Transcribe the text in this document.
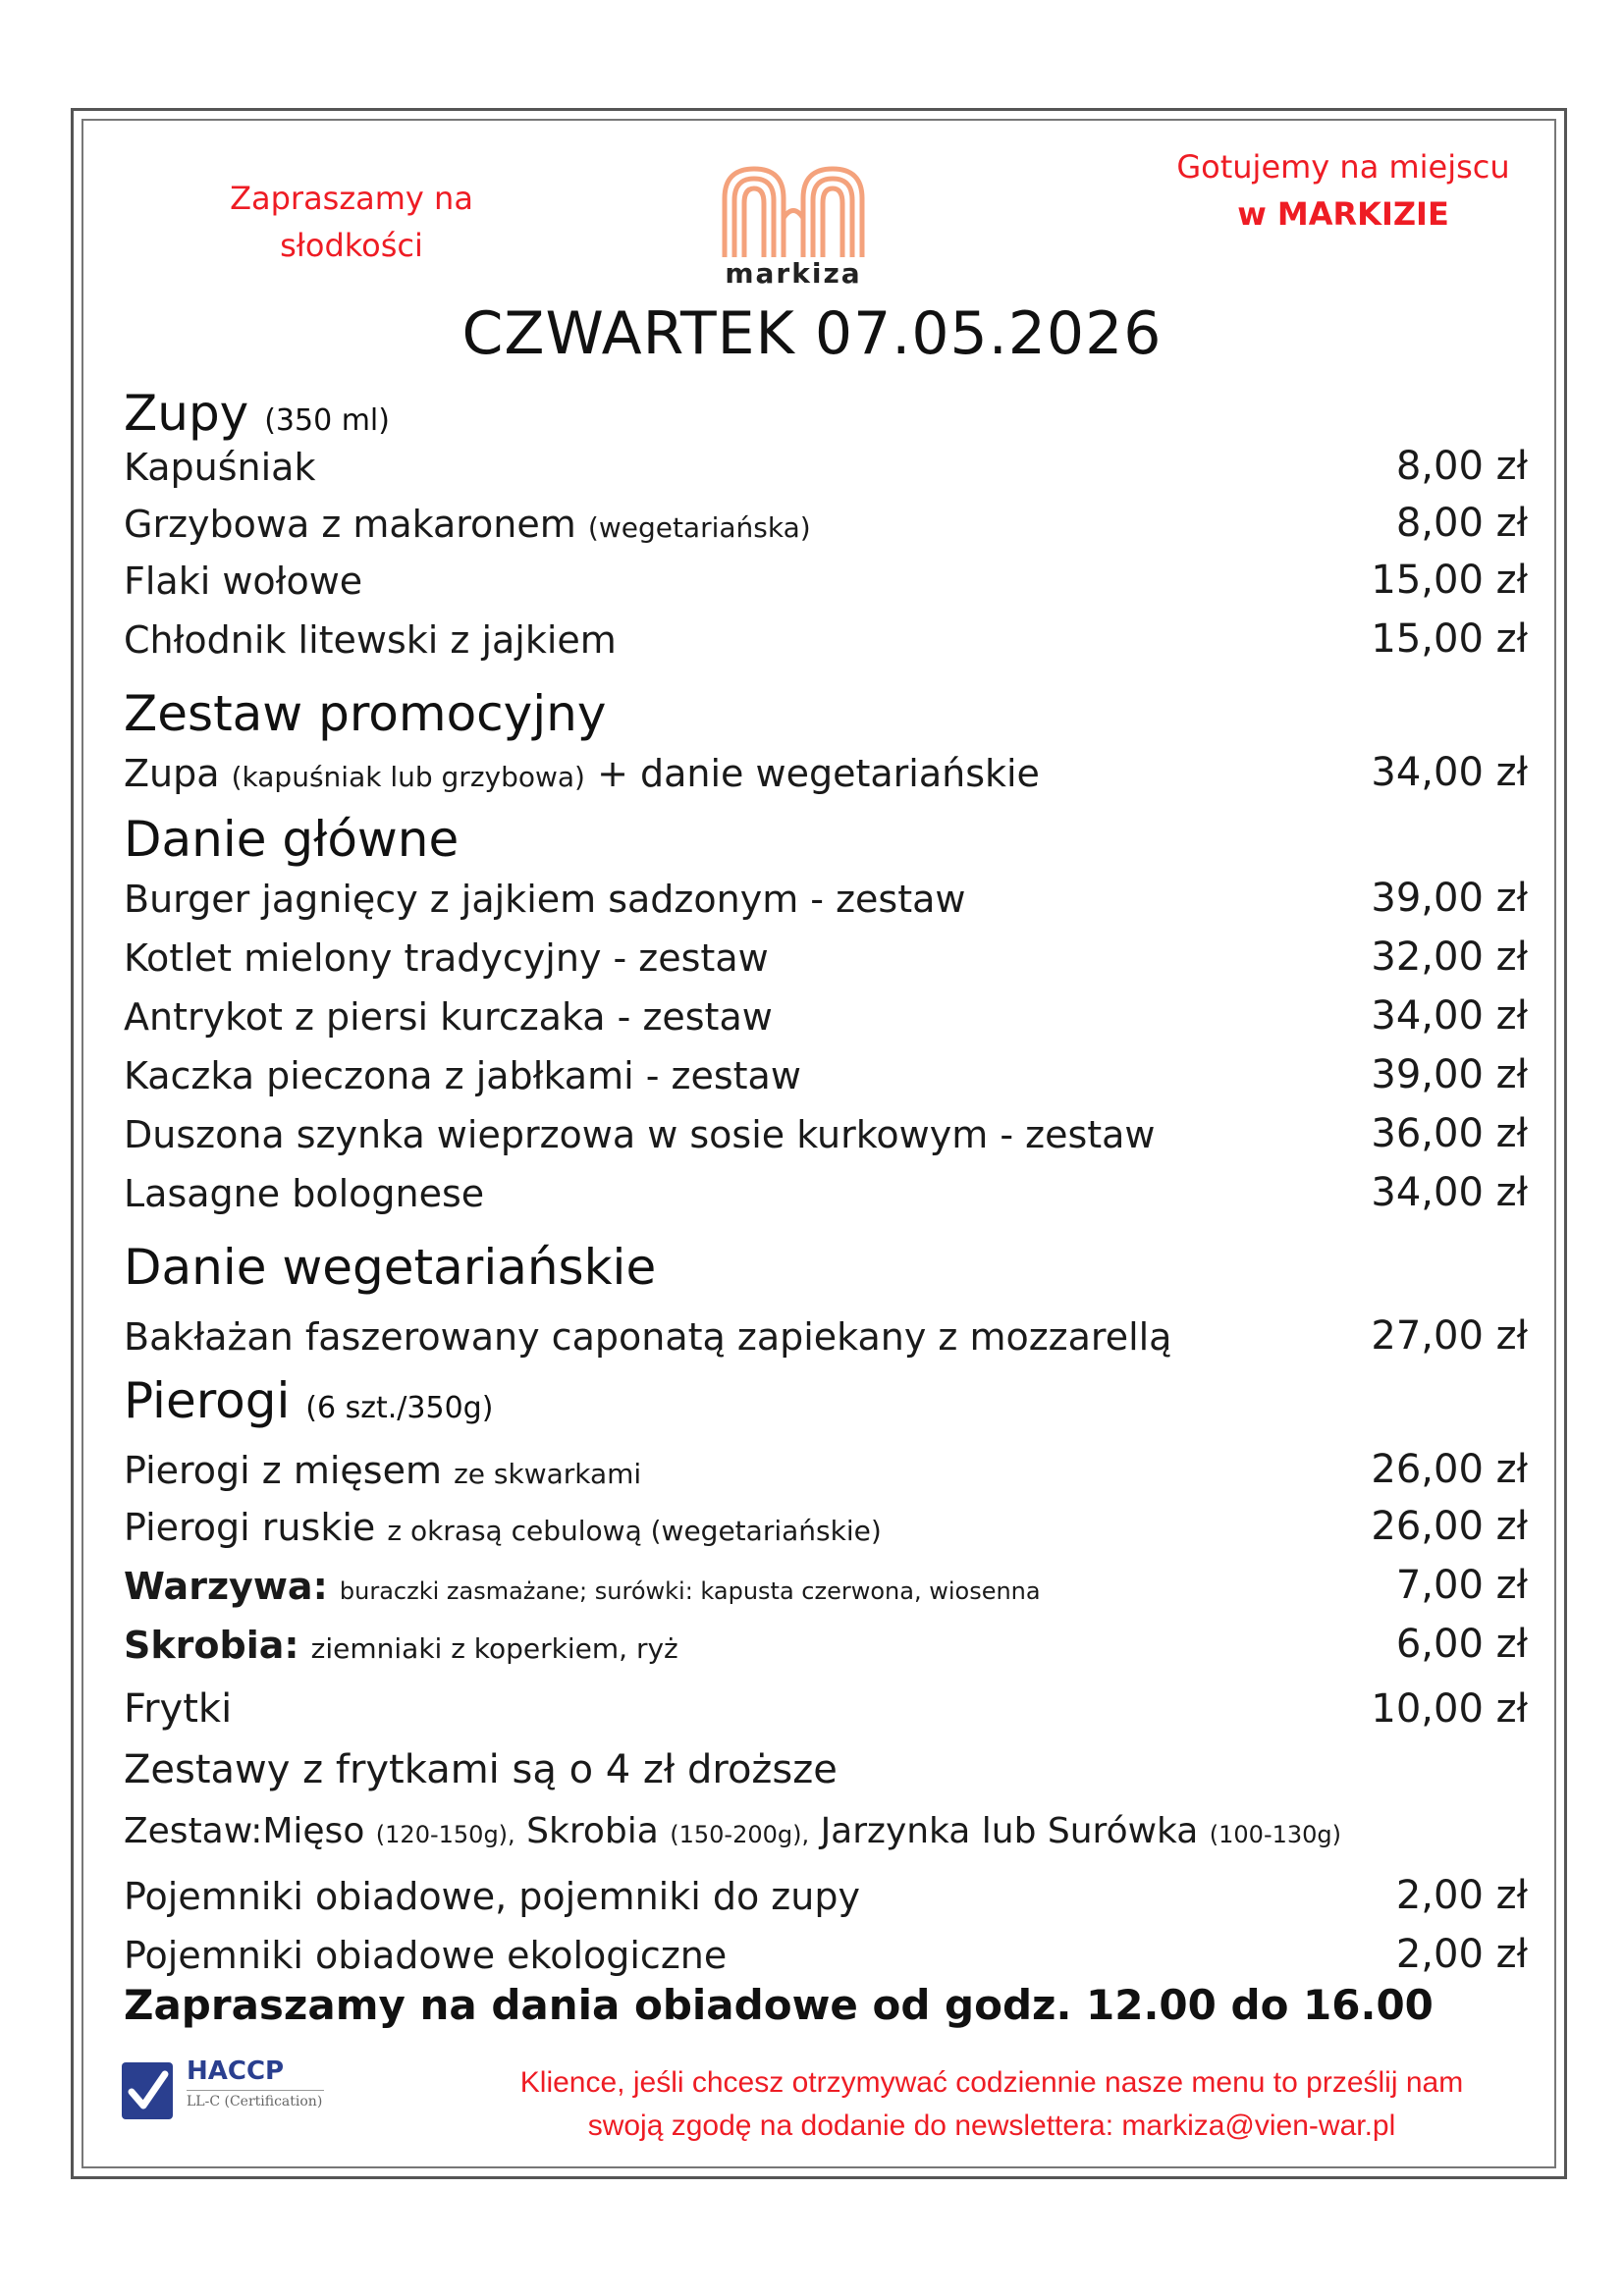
Zapraszamy na
słodkości
markiza
Gotujemy na miejscu
w MARKIZIE
CZWARTEK 07.05.2026
Zupy (350 ml)
Kapuśniak	8,00 zł
Grzybowa z makaronem (wegetariańska)	8,00 zł
Flaki wołowe	15,00 zł
Chłodnik litewski z jajkiem	15,00 zł
Zestaw promocyjny
Zupa (kapuśniak lub grzybowa) + danie wegetariańskie	34,00 zł
Danie główne
Burger jagnięcy z jajkiem sadzonym - zestaw	39,00 zł
Kotlet mielony tradycyjny - zestaw	32,00 zł
Antrykot z piersi kurczaka - zestaw	34,00 zł
Kaczka pieczona z jabłkami - zestaw	39,00 zł
Duszona szynka wieprzowa w sosie kurkowym - zestaw	36,00 zł
Lasagne bolognese	34,00 zł
Danie wegetariańskie
Bakłażan faszerowany caponatą zapiekany z mozzarellą	27,00 zł
Pierogi (6 szt./350g)
Pierogi z mięsem ze skwarkami	26,00 zł
Pierogi ruskie z okrasą cebulową (wegetariańskie)	26,00 zł
Warzywa: buraczki zasmażane; surówki: kapusta czerwona, wiosenna	7,00 zł
Skrobia: ziemniaki z koperkiem, ryż	6,00 zł
Frytki	10,00 zł
Zestawy z frytkami są o 4 zł droższe
Zestaw:Mięso (120-150g), Skrobia (150-200g), Jarzynka lub Surówka (100-130g)
Pojemniki obiadowe, pojemniki do zupy	2,00 zł
Pojemniki obiadowe ekologiczne	2,00 zł
Zapraszamy na dania obiadowe od godz. 12.00 do 16.00
HACCP
LL-C (Certification)
Klience, jeśli chcesz otrzymywać codziennie nasze menu to prześlij nam
swoją zgodę na dodanie do newslettera: markiza@vien-war.pl
